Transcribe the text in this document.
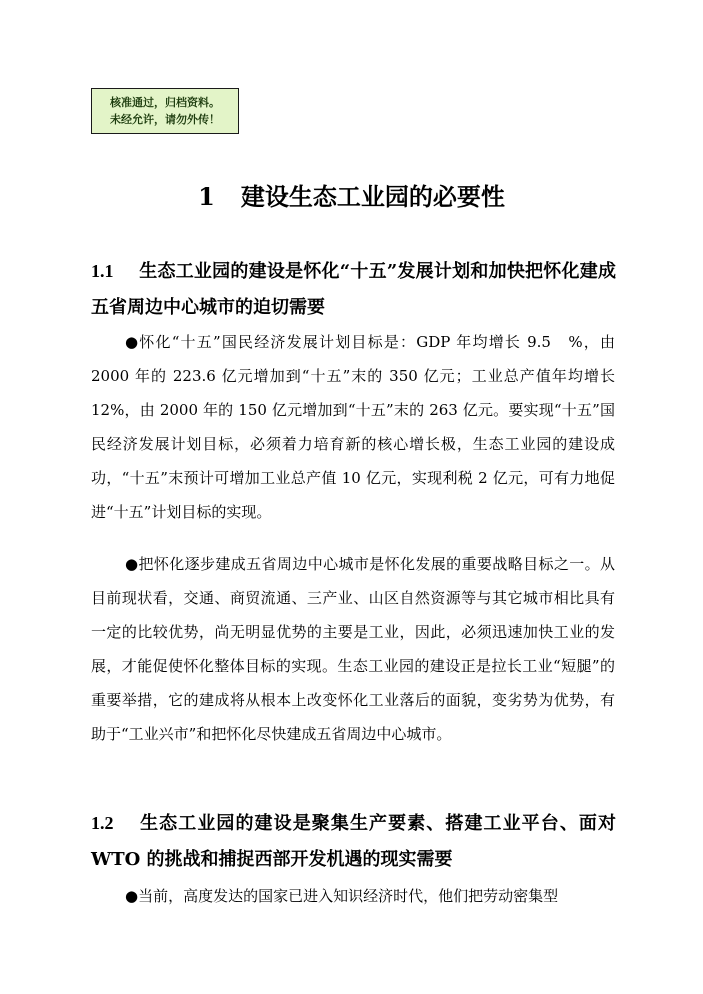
核准通过，归档资料。
未经允许，请勿外传！
1 建设生态工业园的必要性
1.1 生态工业园的建设是怀化“十五”发展计划和加快把怀化建成五省周边中心城市的迫切需要
●怀化“十五”国民经济发展计划目标是：GDP 年均增长 9.5　%，由 2000 年的 223.6 亿元增加到“十五”末的 350 亿元；工业总产值年均增长 12%，由 2000 年的 150 亿元增加到“十五”末的 263 亿元。要实现“十五”国民经济发展计划目标，必须着力培育新的核心增长极，生态工业园的建设成功，“十五”末预计可增加工业总产值 10 亿元，实现利税 2 亿元，可有力地促进“十五”计划目标的实现。
●把怀化逐步建成五省周边中心城市是怀化发展的重要战略目标之一。从目前现状看，交通、商贸流通、三产业、山区自然资源等与其它城市相比具有一定的比较优势，尚无明显优势的主要是工业，因此，必须迅速加快工业的发展，才能促使怀化整体目标的实现。生态工业园的建设正是拉长工业“短腿”的重要举措，它的建成将从根本上改变怀化工业落后的面貌，变劣势为优势，有助于“工业兴市”和把怀化尽快建成五省周边中心城市。
1.2 生态工业园的建设是聚集生产要素、搭建工业平台、面对 WTO 的挑战和捕捉西部开发机遇的现实需要
●当前，高度发达的国家已进入知识经济时代，他们把劳动密集型
